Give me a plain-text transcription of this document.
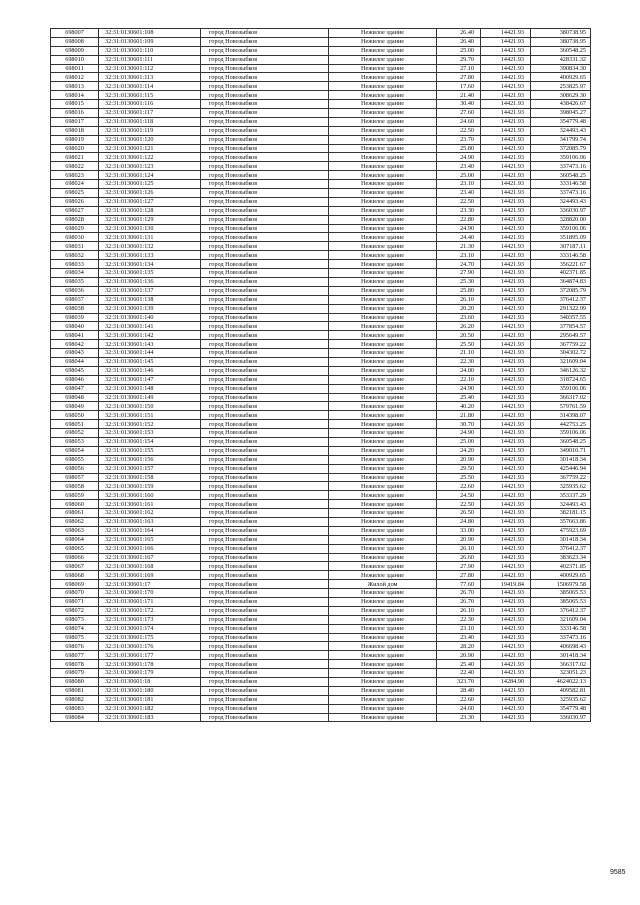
698007	32:31:0130601:108	город Новозыбков	Нежилое здание	26.40	14421.93	380738.95
698008	32:31:0130601:109	город Новозыбков	Нежилое здание	26.40	14421.93	380738.95
698009	32:31:0130601:110	город Новозыбков	Нежилое здание	25.00	14421.93	360548.25
698010	32:31:0130601:111	город Новозыбков	Нежилое здание	29.70	14421.93	428331.32
698011	32:31:0130601:112	город Новозыбков	Нежилое здание	27.10	14421.93	390834.30
698012	32:31:0130601:113	город Новозыбков	Нежилое здание	27.80	14421.93	400929.65
698013	32:31:0130601:114	город Новозыбков	Нежилое здание	17.60	14421.93	253825.97
698014	32:31:0130601:115	город Новозыбков	Нежилое здание	21.40	14421.93	308629.30
698015	32:31:0130601:116	город Новозыбков	Нежилое здание	30.40	14421.93	438426.67
698016	32:31:0130601:117	город Новозыбков	Нежилое здание	27.60	14421.93	398045.27
698017	32:31:0130601:118	город Новозыбков	Нежилое здание	24.60	14421.93	354779.48
698018	32:31:0130601:119	город Новозыбков	Нежилое здание	22.50	14421.93	324493.43
698019	32:31:0130601:120	город Новозыбков	Нежилое здание	23.70	14421.93	341799.74
698020	32:31:0130601:121	город Новозыбков	Нежилое здание	25.80	14421.93	372085.79
698021	32:31:0130601:122	город Новозыбков	Нежилое здание	24.90	14421.93	359106.06
698022	32:31:0130601:123	город Новозыбков	Нежилое здание	23.40	14421.93	337473.16
698023	32:31:0130601:124	город Новозыбков	Нежилое здание	25.00	14421.93	360548.25
698024	32:31:0130601:125	город Новозыбков	Нежилое здание	23.10	14421.93	333146.58
698025	32:31:0130601:126	город Новозыбков	Нежилое здание	23.40	14421.93	337473.16
698026	32:31:0130601:127	город Новозыбков	Нежилое здание	22.50	14421.93	324493.43
698027	32:31:0130601:128	город Новозыбков	Нежилое здание	23.30	14421.93	336030.97
698028	32:31:0130601:129	город Новозыбков	Нежилое здание	22.80	14421.93	328820.00
698029	32:31:0130601:130	город Новозыбков	Нежилое здание	24.90	14421.93	359106.06
698030	32:31:0130601:131	город Новозыбков	Нежилое здание	24.40	14421.93	351895.09
698031	32:31:0130601:132	город Новозыбков	Нежилое здание	21.30	14421.93	307187.11
698032	32:31:0130601:133	город Новозыбков	Нежилое здание	23.10	14421.93	333146.58
698033	32:31:0130601:134	город Новозыбков	Нежилое здание	24.70	14421.93	356221.67
698034	32:31:0130601:135	город Новозыбков	Нежилое здание	27.90	14421.93	402371.85
698035	32:31:0130601:136	город Новозыбков	Нежилое здание	25.30	14421.93	364874.83
698036	32:31:0130601:137	город Новозыбков	Нежилое здание	25.80	14421.93	372085.79
698037	32:31:0130601:138	город Новозыбков	Нежилое здание	26.10	14421.93	376412.37
698038	32:31:0130601:139	город Новозыбков	Нежилое здание	20.20	14421.93	291322.99
698039	32:31:0130601:140	город Новозыбков	Нежилое здание	23.60	14421.93	340357.55
698040	32:31:0130601:141	город Новозыбков	Нежилое здание	26.20	14421.93	377854.57
698041	32:31:0130601:142	город Новозыбков	Нежилое здание	20.50	14421.93	295649.57
698042	32:31:0130601:143	город Новозыбков	Нежилое здание	25.50	14421.93	367759.22
698043	32:31:0130601:144	город Новозыбков	Нежилое здание	21.10	14421.93	304302.72
698044	32:31:0130601:145	город Новозыбков	Нежилое здание	22.30	14421.93	321609.04
698045	32:31:0130601:146	город Новозыбков	Нежилое здание	24.00	14421.93	346126.32
698046	32:31:0130601:147	город Новозыбков	Нежилое здание	22.10	14421.93	318724.65
698047	32:31:0130601:148	город Новозыбков	Нежилое здание	24.90	14421.93	359106.06
698048	32:31:0130601:149	город Новозыбков	Нежилое здание	25.40	14421.93	366317.02
698049	32:31:0130601:150	город Новозыбков	Нежилое здание	40.20	14421.93	579761.59
698050	32:31:0130601:151	город Новозыбков	Нежилое здание	21.80	14421.93	314398.07
698051	32:31:0130601:152	город Новозыбков	Нежилое здание	30.70	14421.93	442753.25
698052	32:31:0130601:153	город Новозыбков	Нежилое здание	24.90	14421.93	359106.06
698053	32:31:0130601:154	город Новозыбков	Нежилое здание	25.00	14421.93	360548.25
698054	32:31:0130601:155	город Новозыбков	Нежилое здание	24.20	14421.93	349010.71
698055	32:31:0130601:156	город Новозыбков	Нежилое здание	20.90	14421.93	301418.34
698056	32:31:0130601:157	город Новозыбков	Нежилое здание	29.50	14421.93	425446.94
698057	32:31:0130601:158	город Новозыбков	Нежилое здание	25.50	14421.93	367759.22
698058	32:31:0130601:159	город Новозыбков	Нежилое здание	22.60	14421.93	325935.62
698059	32:31:0130601:160	город Новозыбков	Нежилое здание	24.50	14421.93	353337.29
698060	32:31:0130601:161	город Новозыбков	Нежилое здание	22.50	14421.93	324493.43
698061	32:31:0130601:162	город Новозыбков	Нежилое здание	26.50	14421.93	382181.15
698062	32:31:0130601:163	город Новозыбков	Нежилое здание	24.80	14421.93	357663.86
698063	32:31:0130601:164	город Новозыбков	Нежилое здание	33.00	14421.93	475923.69
698064	32:31:0130601:165	город Новозыбков	Нежилое здание	20.90	14421.93	301418.34
698065	32:31:0130601:166	город Новозыбков	Нежилое здание	26.10	14421.93	376412.37
698066	32:31:0130601:167	город Новозыбков	Нежилое здание	26.60	14421.93	383623.34
698067	32:31:0130601:168	город Новозыбков	Нежилое здание	27.90	14421.93	402371.85
698068	32:31:0130601:169	город Новозыбков	Нежилое здание	27.80	14421.93	400929.65
698069	32:31:0130601:17	город Новозыбков	Жилой дом	77.60	19419.84	1506979.58
698070	32:31:0130601:170	город Новозыбков	Нежилое здание	26.70	14421.93	385065.53
698071	32:31:0130601:171	город Новозыбков	Нежилое здание	26.70	14421.93	385065.53
698072	32:31:0130601:172	город Новозыбков	Нежилое здание	26.10	14421.93	376412.37
698073	32:31:0130601:173	город Новозыбков	Нежилое здание	22.30	14421.93	321609.04
698074	32:31:0130601:174	город Новозыбков	Нежилое здание	23.10	14421.93	333146.58
698075	32:31:0130601:175	город Новозыбков	Нежилое здание	23.40	14421.93	337473.16
698076	32:31:0130601:176	город Новозыбков	Нежилое здание	28.20	14421.93	406698.43
698077	32:31:0130601:177	город Новозыбков	Нежилое здание	20.90	14421.93	301418.34
698078	32:31:0130601:178	город Новозыбков	Нежилое здание	25.40	14421.93	366317.02
698079	32:31:0130601:179	город Новозыбков	Нежилое здание	22.40	14421.93	323051.23
698080	32:31:0130601:18	город Новозыбков	Нежилое здание	323.70	14284.90	4624022.13
698081	32:31:0130601:180	город Новозыбков	Нежилое здание	28.40	14421.93	409582.81
698082	32:31:0130601:181	город Новозыбков	Нежилое здание	22.60	14421.93	325935.62
698083	32:31:0130601:182	город Новозыбков	Нежилое здание	24.60	14421.93	354779.48
698084	32:31:0130601:183	город Новозыбков	Нежилое здание	23.30	14421.93	336030.97
9585
